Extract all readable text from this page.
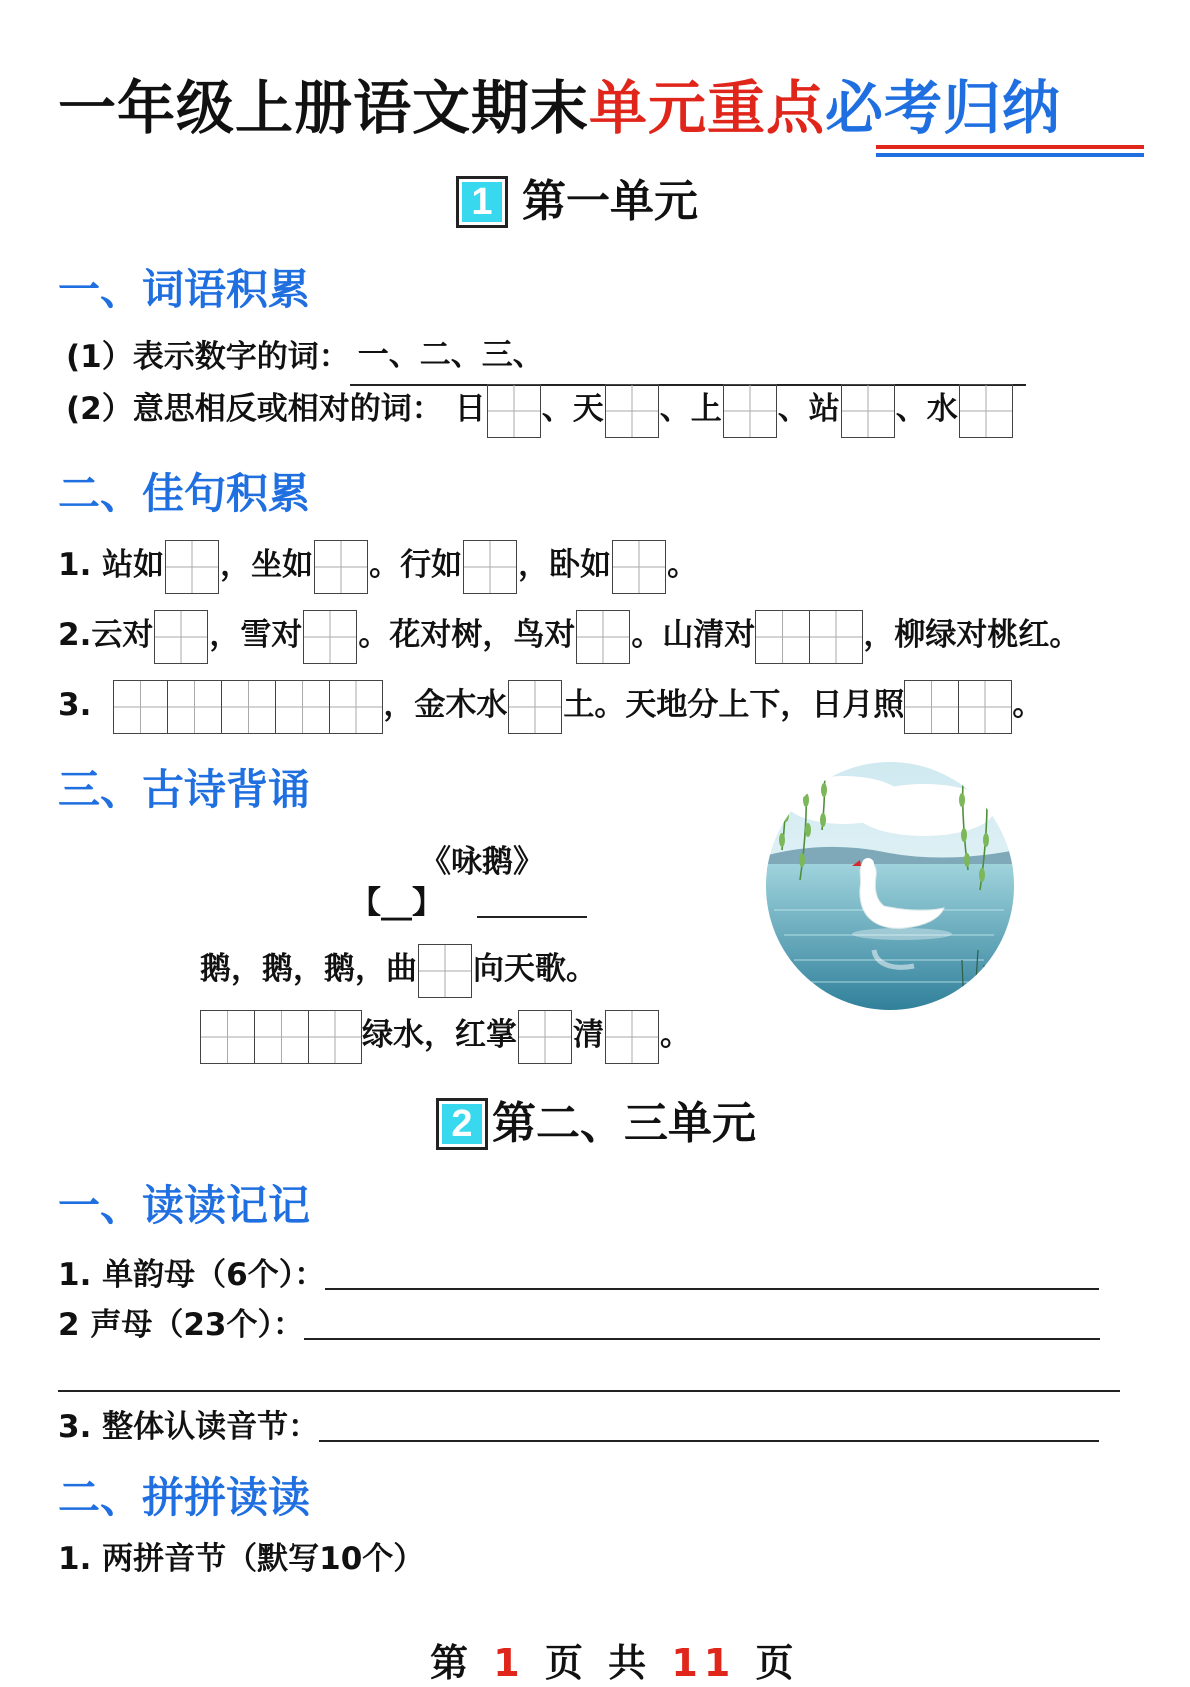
一年级上册语文期末单元重点必考归纳
1 第一单元
一、词语积累
(1）表示数字的词： 一、二、三、
(2）意思相反或相对的词： 日 、天 、上 、站 、水
二、佳句积累
1. 站如 ，坐如 。行如 ，卧如 。
2.云对 ，雪对 。花对树，鸟对 。山清对	，柳绿对桃红。
3.	，金木水 土。天地分上下，日月照	。
三、古诗背诵
《咏鹅》
【__】
鹅，鹅，鹅，曲 向天歌。
绿水，红掌 清 。
2 第二、三单元
一、读读记记
1. 单韵母（6个）：
2 声母（23个）：
3. 整体认读音节：
二、拼拼读读
1. 两拼音节（默写10个）
第 1 页 共 11 页
